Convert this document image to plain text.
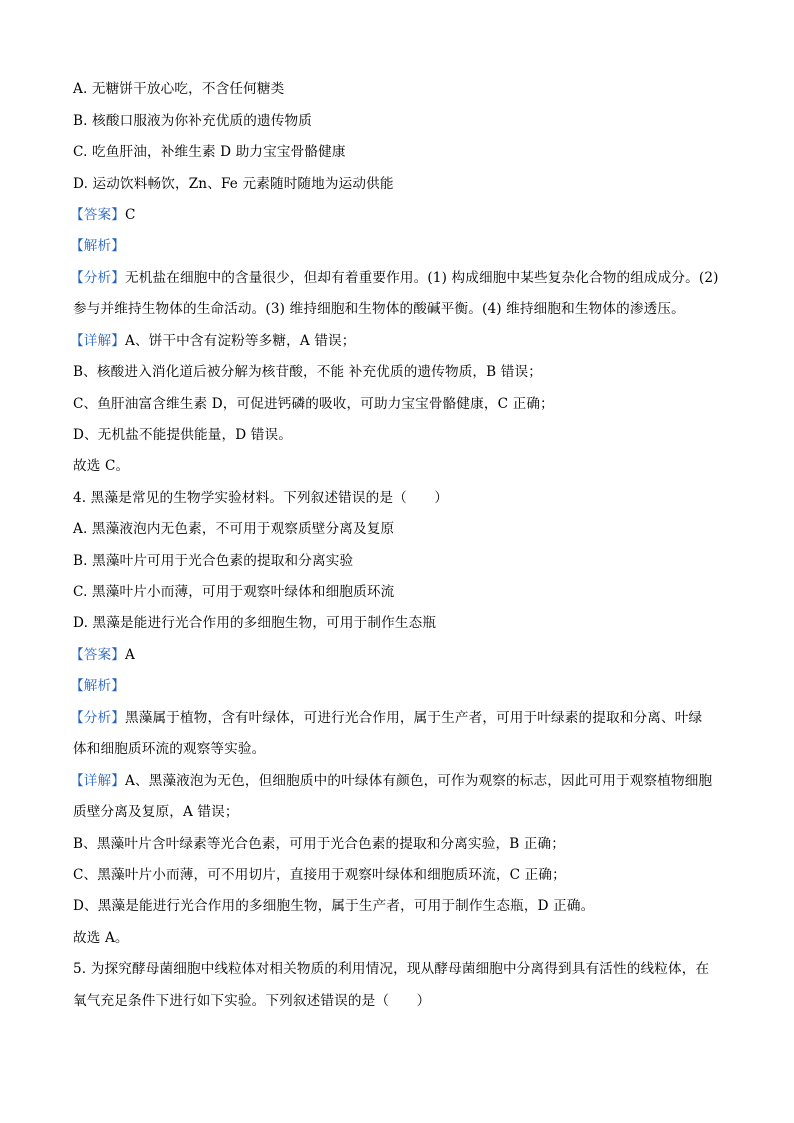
A. 无糖饼干放心吃，不含任何糖类
B. 核酸口服液为你补充优质的遗传物质
C. 吃鱼肝油，补维生素 D 助力宝宝骨骼健康
D. 运动饮料畅饮，Zn、Fe 元素随时随地为运动供能
【答案】C
【解析】
【分析】无机盐在细胞中的含量很少，但却有着重要作用。(1) 构成细胞中某些复杂化合物的组成成分。(2)
参与并维持生物体的生命活动。(3) 维持细胞和生物体的酸碱平衡。(4) 维持细胞和生物体的渗透压。
【详解】A、饼干中含有淀粉等多糖，A 错误；
B、核酸进入消化道后被分解为核苷酸，不能 补充优质的遗传物质，B 错误；
C、鱼肝油富含维生素 D，可促进钙磷的吸收，可助力宝宝骨骼健康，C 正确；
D、无机盐不能提供能量，D 错误。
故选 C。
4. 黑藻是常见的生物学实验材料。下列叙述错误的是（　　）
A. 黑藻液泡内无色素，不可用于观察质壁分离及复原
B. 黑藻叶片可用于光合色素的提取和分离实验
C. 黑藻叶片小而薄，可用于观察叶绿体和细胞质环流
D. 黑藻是能进行光合作用的多细胞生物，可用于制作生态瓶
【答案】A
【解析】
【分析】黑藻属于植物，含有叶绿体，可进行光合作用，属于生产者，可用于叶绿素的提取和分离、叶绿
体和细胞质环流的观察等实验。
【详解】A、黑藻液泡为无色，但细胞质中的叶绿体有颜色，可作为观察的标志，因此可用于观察植物细胞
质壁分离及复原，A 错误；
B、黑藻叶片含叶绿素等光合色素，可用于光合色素的提取和分离实验，B 正确；
C、黑藻叶片小而薄，可不用切片，直接用于观察叶绿体和细胞质环流，C 正确；
D、黑藻是能进行光合作用的多细胞生物，属于生产者，可用于制作生态瓶，D 正确。
故选 A。
5. 为探究酵母菌细胞中线粒体对相关物质的利用情况，现从酵母菌细胞中分离得到具有活性的线粒体，在
氧气充足条件下进行如下实验。下列叙述错误的是（　　）
